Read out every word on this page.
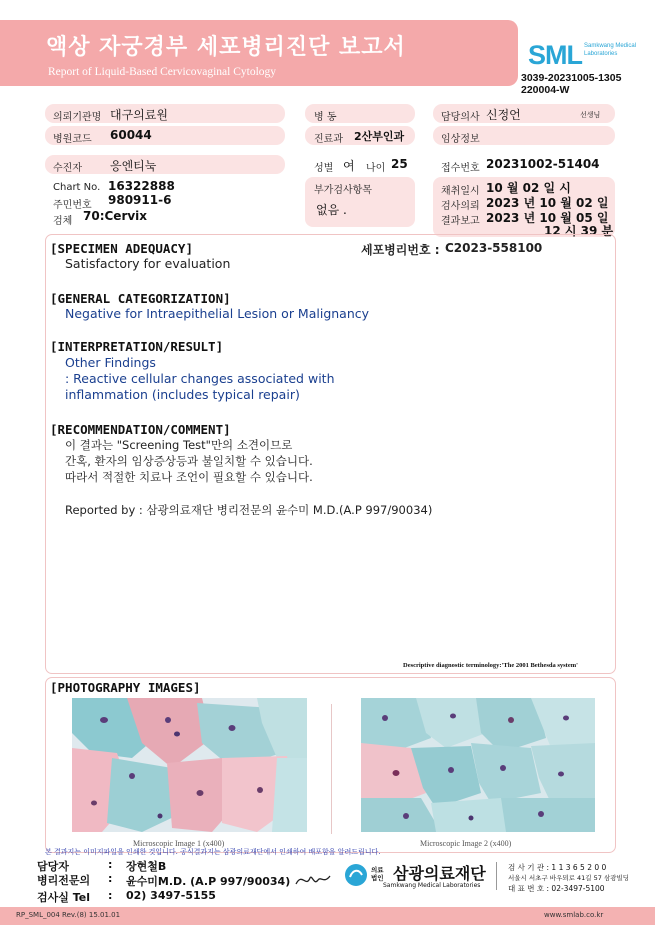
액상 자궁경부 세포병리진단 보고서
Report of Liquid-Based Cervicovaginal Cytology
SML Samkwang Medical Laboratories
3039-20231005-1305
220004-W
의뢰기관명 대구의료원	병 동	담당의사 신정언	선생님
병원코드 60044	진료과 2산부인과	임상정보
수진자 응엔티눅	성별 여 나이 25	접수번호 20231002-51404
Chart No. 16322888
주민번호 980911-6
검체 70:Cervix
부가검사항목
없음 .
채취일시 10 월 02 일 시
검사의뢰 2023 년 10 월 02 일
결과보고 2023 년 10 월 05 일
12 시 39 분
[SPECIMEN ADEQUACY]
Satisfactory for evaluation
세포병리번호 : C2023-558100
[GENERAL CATEGORIZATION]
Negative for Intraepithelial Lesion or Malignancy
[INTERPRETATION/RESULT]
Other Findings
: Reactive cellular changes associated with
inflammation (includes typical repair)
[RECOMMENDATION/COMMENT]
이 결과는 "Screening Test"만의 소견이므로
간혹, 환자의 임상증상등과 불일치할 수 있습니다.
따라서 적절한 치료나 조언이 필요할 수 있습니다.
Reported by : 삼광의료재단 병리전문의 윤수미 M.D.(A.P 997/90034)
Descriptive diagnostic terminology:'The 2001 Bethesda system'
[PHOTOGRAPHY IMAGES]
Microscopic Image 1 (x400)	Microscopic Image 2 (x400)
본 결과지는 이미지파일을 인쇄한 것입니다. 공식결과지는 삼광의료재단에서 인쇄하여 배포함을 알려드립니다.
담당자	: 장현철B
병리전문의 : 윤수미M.D. (A.P 997/90034)
검사실 Tel : 02) 3497-5155
의료 법인 삼광의료재단
Samkwang Medical Laboratories
검 사 기 관 : 1 1 3 6 5 2 0 0
서울시 서초구 바우뫼로 41길 57 삼광빌딩
대 표 번 호 : 02-3497-5100
RP_SML_004 Rev.(8) 15.01.01	www.smlab.co.kr
